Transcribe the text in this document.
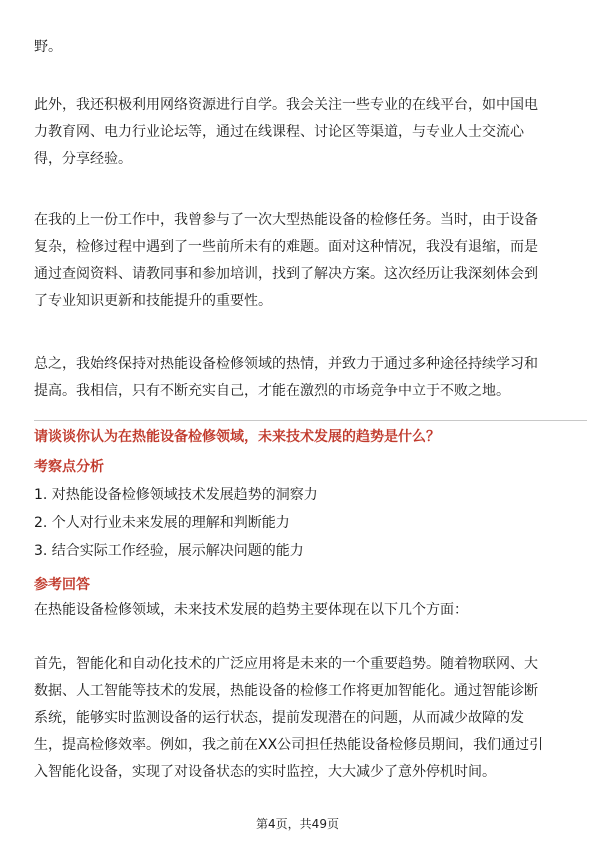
野。

此外，我还积极利用网络资源进行自学。我会关注一些专业的在线平台，如中国电
力教育网、电力行业论坛等，通过在线课程、讨论区等渠道，与专业人士交流心
得，分享经验。

在我的上一份工作中，我曾参与了一次大型热能设备的检修任务。当时，由于设备
复杂，检修过程中遇到了一些前所未有的难题。面对这种情况，我没有退缩，而是
通过查阅资料、请教同事和参加培训，找到了解决方案。这次经历让我深刻体会到
了专业知识更新和技能提升的重要性。

总之，我始终保持对热能设备检修领域的热情，并致力于通过多种途径持续学习和
提高。我相信，只有不断充实自己，才能在激烈的市场竞争中立于不败之地。

请谈谈你认为在热能设备检修领域，未来技术发展的趋势是什么？
考察点分析
1. 对热能设备检修领域技术发展趋势的洞察力
2. 个人对行业未来发展的理解和判断能力
3. 结合实际工作经验，展示解决问题的能力
参考回答
在热能设备检修领域，未来技术发展的趋势主要体现在以下几个方面：

首先，智能化和自动化技术的广泛应用将是未来的一个重要趋势。随着物联网、大
数据、人工智能等技术的发展，热能设备的检修工作将更加智能化。通过智能诊断
系统，能够实时监测设备的运行状态，提前发现潜在的问题，从而减少故障的发
生，提高检修效率。例如，我之前在XX公司担任热能设备检修员期间，我们通过引
入智能化设备，实现了对设备状态的实时监控，大大减少了意外停机时间。

第4页，共49页
